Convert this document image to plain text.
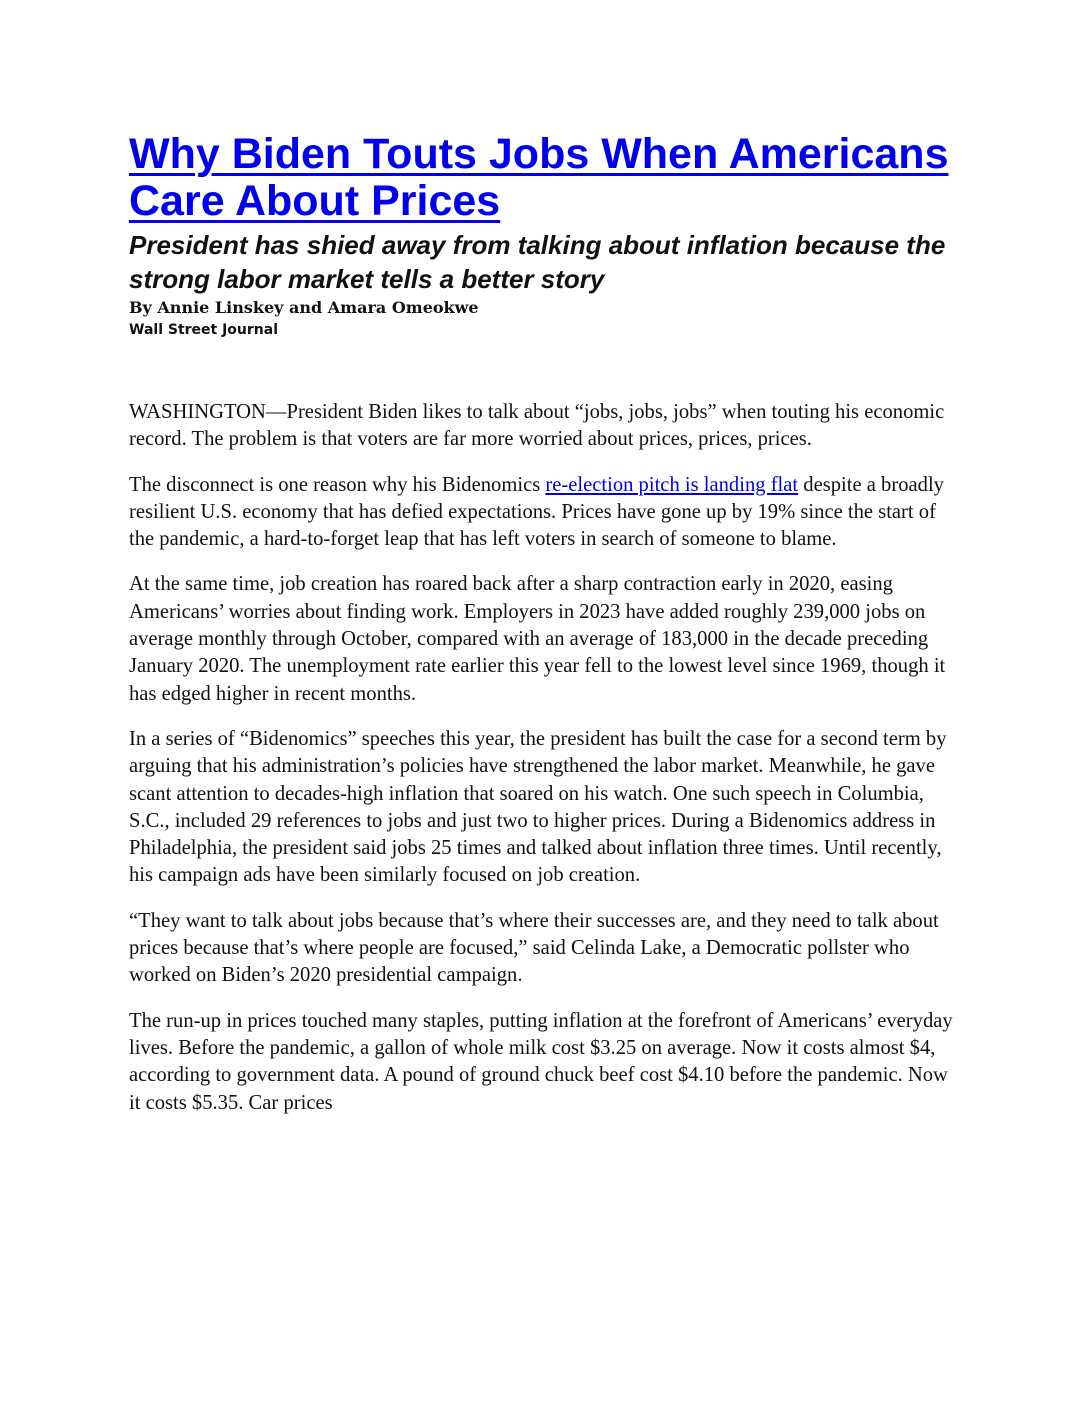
Why Biden Touts Jobs When Americans Care About Prices
President has shied away from talking about inflation because the strong labor market tells a better story
By Annie Linskey and Amara Omeokwe
Wall Street Journal

WASHINGTON—President Biden likes to talk about “jobs, jobs, jobs” when touting his economic record. The problem is that voters are far more worried about prices, prices, prices.

The disconnect is one reason why his Bidenomics re-election pitch is landing flat despite a broadly resilient U.S. economy that has defied expectations. Prices have gone up by 19% since the start of the pandemic, a hard-to-forget leap that has left voters in search of someone to blame.

At the same time, job creation has roared back after a sharp contraction early in 2020, easing Americans’ worries about finding work. Employers in 2023 have added roughly 239,000 jobs on average monthly through October, compared with an average of 183,000 in the decade preceding January 2020. The unemployment rate earlier this year fell to the lowest level since 1969, though it has edged higher in recent months.

In a series of “Bidenomics” speeches this year, the president has built the case for a second term by arguing that his administration’s policies have strengthened the labor market. Meanwhile, he gave scant attention to decades-high inflation that soared on his watch. One such speech in Columbia, S.C., included 29 references to jobs and just two to higher prices. During a Bidenomics address in Philadelphia, the president said jobs 25 times and talked about inflation three times. Until recently, his campaign ads have been similarly focused on job creation.

“They want to talk about jobs because that’s where their successes are, and they need to talk about prices because that’s where people are focused,” said Celinda Lake, a Democratic pollster who worked on Biden’s 2020 presidential campaign.

The run-up in prices touched many staples, putting inflation at the forefront of Americans’ everyday lives. Before the pandemic, a gallon of whole milk cost $3.25 on average. Now it costs almost $4, according to government data. A pound of ground chuck beef cost $4.10 before the pandemic. Now it costs $5.35. Car prices
